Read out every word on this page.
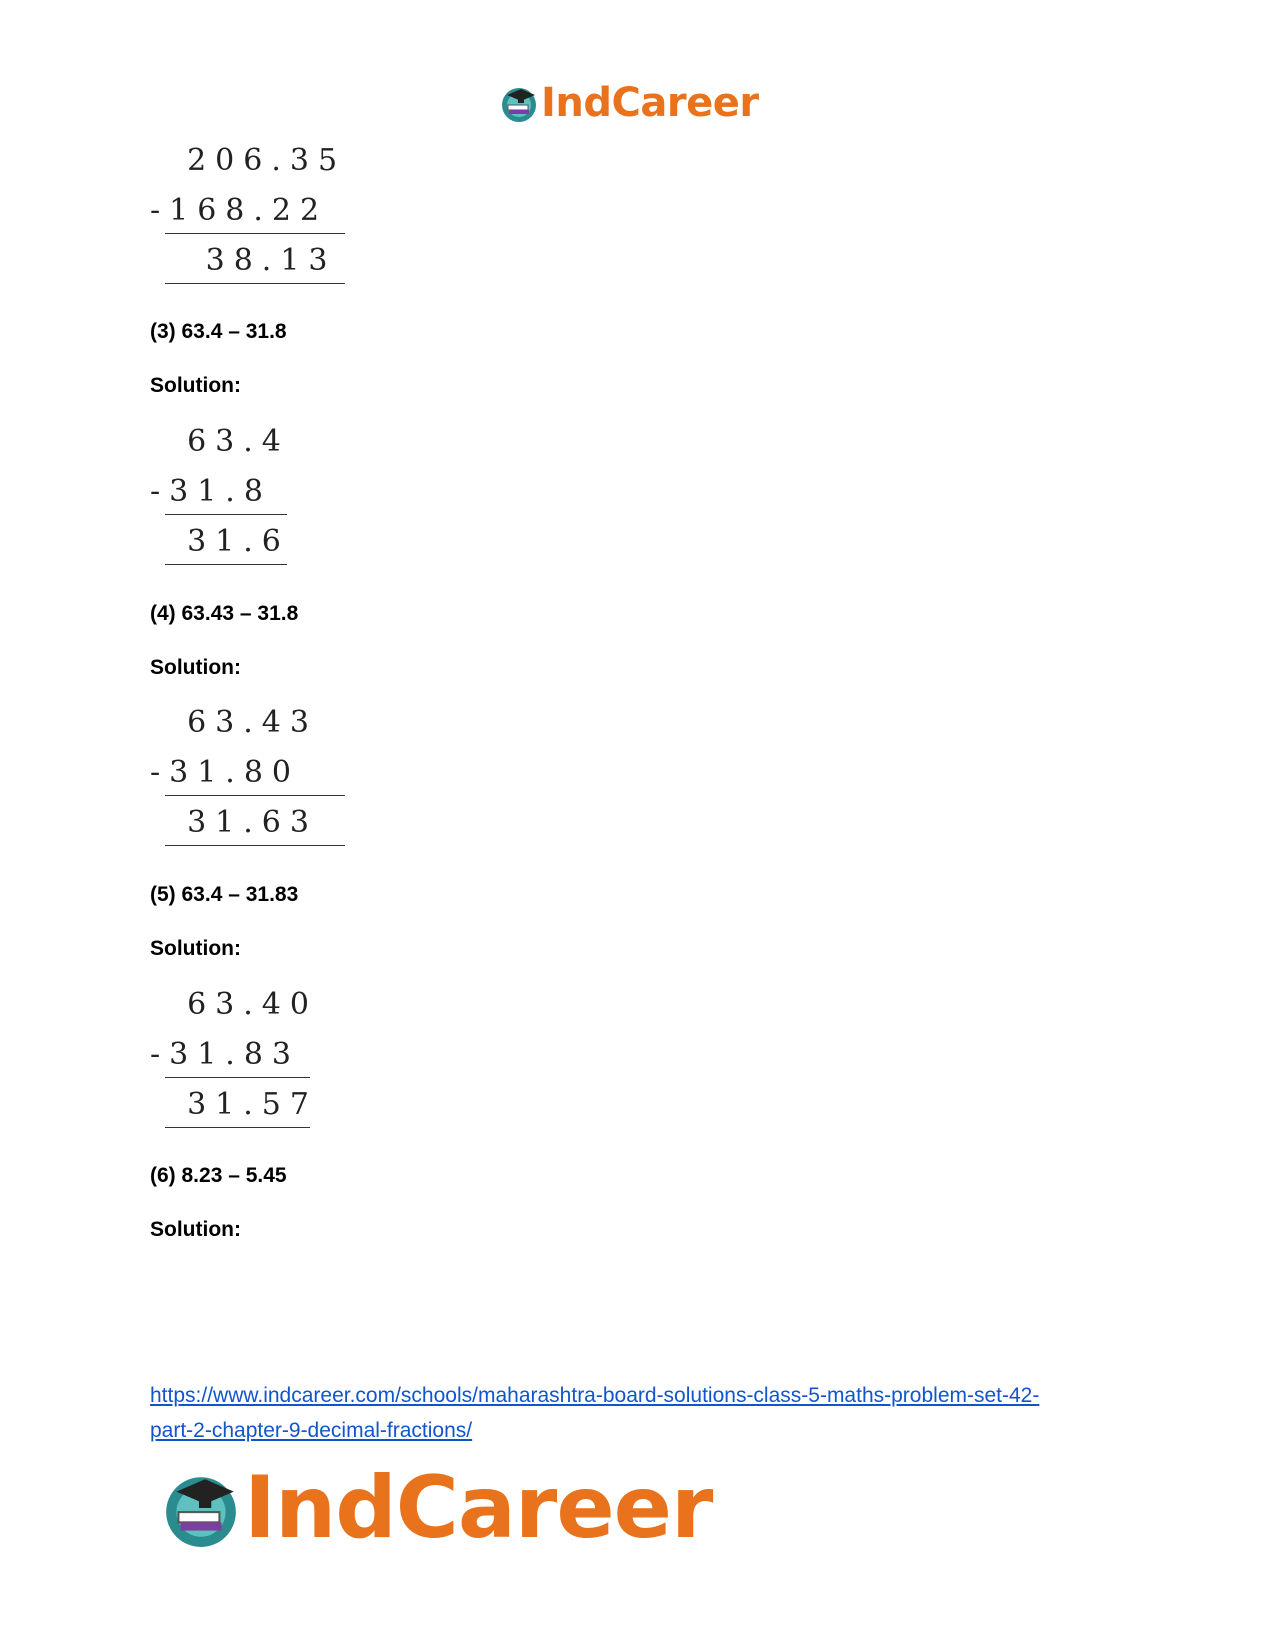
IndCareer
206.35
-168.22
38.13
(3) 63.4 – 31.8
Solution:
63.4
-31.8
31.6
(4) 63.43 – 31.8
Solution:
63.43
-31.80
31.63
(5) 63.4 – 31.83
Solution:
63.40
-31.83
31.57
(6) 8.23 – 5.45
Solution:
https://www.indcareer.com/schools/maharashtra-board-solutions-class-5-maths-problem-set-42-
part-2-chapter-9-decimal-fractions/
IndCareer
